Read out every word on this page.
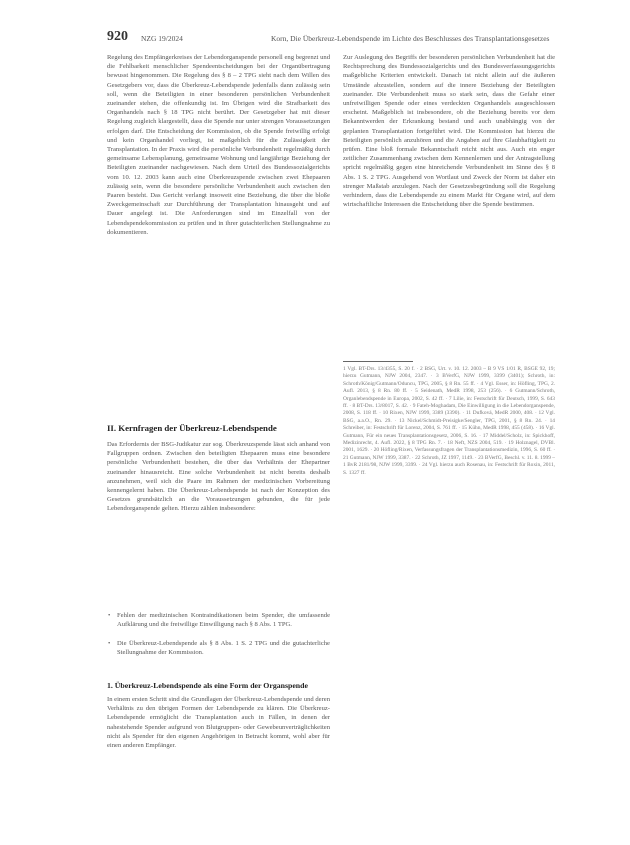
920 NZG 19/2024	Korn, Die Überkreuz-Lebendspende im Lichte des Beschlusses des Transplantationsgesetzes

Regelung des Empfängerkreises der Lebendorganspende personell eng begrenzt und die Fehlbarkeit menschlicher Spendeentscheidungen bei der Organübertragung bewusst hingenommen. Die Regelung des § 8 – 2 TPG sieht nach dem Willen des Gesetzgebers vor, dass die Überkreuz-Lebendspende jedenfalls dann zulässig sein soll, wenn die Beteiligten in einer besonderen persönlichen Verbundenheit zueinander stehen, die offenkundig ist. Im Übrigen wird die Strafbarkeit des Organhandels nach § 18 TPG nicht berührt. Der Gesetzgeber hat mit dieser Regelung zugleich klargestellt, dass die Spende nur unter strengen Voraussetzungen erfolgen darf. Die Entscheidung der Kommission, ob die Spende freiwillig erfolgt und kein Organhandel vorliegt, ist maßgeblich für die Zulässigkeit der Transplantation. In der Praxis wird die persönliche Verbundenheit regelmäßig durch gemeinsame Lebensplanung, gemeinsame Wohnung und langjährige Beziehung der Beteiligten zueinander nachgewiesen. Nach dem Urteil des Bundessozialgerichts vom 10. 12. 2003 kann auch eine Überkreuzspende zwischen zwei Ehepaaren zulässig sein, wenn die besondere persönliche Verbundenheit auch zwischen den Paaren besteht. Das Gericht verlangt insoweit eine Beziehung, die über die bloße Zweckgemeinschaft zur Durchführung der Transplantation hinausgeht und auf Dauer angelegt ist. Die Anforderungen sind im Einzelfall von der Lebendspendekommission zu prüfen und in ihrer gutachterlichen Stellungnahme zu dokumentieren.

II. Kernfragen der Überkreuz-Lebendspende

Das Erfordernis der BSG-Judikatur zur sog. Überkreuzspende lässt sich anhand von Fallgruppen ordnen. Zwischen den beteiligten Ehepaaren muss eine besondere persönliche Verbundenheit bestehen, die über das Verhältnis der Ehepartner zueinander hinausreicht. Eine solche Verbundenheit ist nicht bereits deshalb anzunehmen, weil sich die Paare im Rahmen der medizinischen Vorbereitung kennengelernt haben. Die Überkreuz-Lebendspende ist nach der Konzeption des Gesetzes grundsätzlich an die Voraussetzungen gebunden, die für jede Lebendorganspende gelten. Hierzu zählen insbesondere:

• Fehlen der medizinischen Kontraindikationen beim Spender, die umfassende Aufklärung und die freiwillige Einwilligung nach § 8 Abs. 1 TPG.
• Die Überkreuz-Lebendspende als § 8 Abs. 1 S. 2 TPG und die gutachterliche Stellungnahme der Kommission.
1. Überkreuz-Lebendspende als eine Form der Organspende

In einem ersten Schritt sind die Grundlagen der Überkreuz-Lebendspende und deren Verhältnis zu den übrigen Formen der Lebendspende zu klären. Die Überkreuz-Lebendspende ermöglicht die Transplantation auch in Fällen, in denen der nahestehende Spender aufgrund von Blutgruppen- oder Gewebeunverträglichkeiten nicht als Spender für den eigenen Angehörigen in Betracht kommt, wohl aber für einen anderen Empfänger.

Zur Auslegung des Begriffs der besonderen persönlichen Verbundenheit hat die Rechtsprechung des Bundessozialgerichts und des Bundesverfassungsgerichts maßgebliche Kriterien entwickelt. Danach ist nicht allein auf die äußeren Umstände abzustellen, sondern auf die innere Beziehung der Beteiligten zueinander. Die Verbundenheit muss so stark sein, dass die Gefahr einer unfreiwilligen Spende oder eines verdeckten Organhandels ausgeschlossen erscheint. Maßgeblich ist insbesondere, ob die Beziehung bereits vor dem Bekanntwerden der Erkrankung bestand und auch unabhängig von der geplanten Transplantation fortgeführt wird. Die Kommission hat hierzu die Beteiligten persönlich anzuhören und die Angaben auf ihre Glaubhaftigkeit zu prüfen. Eine bloß formale Bekanntschaft reicht nicht aus. Auch ein enger zeitlicher Zusammenhang zwischen dem Kennenlernen und der Antragstellung spricht regelmäßig gegen eine hinreichende Verbundenheit im Sinne des § 8 Abs. 1 S. 2 TPG. Ausgehend von Wortlaut und Zweck der Norm ist daher ein strenger Maßstab anzulegen. Nach der Gesetzesbegründung soll die Regelung verhindern, dass die Lebendspende zu einem Markt für Organe wird, auf dem wirtschaftliche Interessen die Entscheidung über die Spende bestimmen.

1 Vgl. BT-Drs. 13/4355, S. 20 f. · 2 BSG, Urt. v. 10. 12. 2003 – B 9 VS 1/01 R, BSGE 92, 19; hierzu Gutmann, NJW 2004, 2347. · 3 BVerfG, NJW 1999, 3399 (3401); Schroth, in: Schroth/König/Gutmann/Oduncu, TPG, 2005, § 8 Rn. 55 ff. · 4 Vgl. Esser, in: Höfling, TPG, 2. Aufl. 2013, § 8 Rn. 80 ff. · 5 Seidenath, MedR 1998, 253 (256). · 6 Gutmann/Schroth, Organlebendspende in Europa, 2002, S. 42 ff. · 7 Lilie, in: Festschrift für Deutsch, 1999, S. 643 ff. · 8 BT-Drs. 13/8017, S. 42. · 9 Fateh-Moghadam, Die Einwilligung in die Lebendorganspende, 2008, S. 118 ff. · 10 Rixen, NJW 1999, 3389 (3390). · 11 Dufková, MedR 2000, 408. · 12 Vgl. BSG, a.a.O., Rn. 29. · 13 Nickel/Schmidt-Preisigke/Sengler, TPG, 2001, § 8 Rn. 24. · 14 Schreiber, in: Festschrift für Lorenz, 2004, S. 761 ff. · 15 Kühn, MedR 1998, 455 (458). · 16 Vgl. Gutmann, Für ein neues Transplantationsgesetz, 2006, S. 16. · 17 Middel/Scholz, in: Spickhoff, Medizinrecht, 4. Aufl. 2022, § 8 TPG Rn. 7. · 18 Neft, NZS 2004, 519. · 19 Holznagel, DVBl. 2001, 1629. · 20 Höfling/Rixen, Verfassungsfragen der Transplantationsmedizin, 1996, S. 60 ff. · 21 Gutmann, NJW 1999, 3387. · 22 Schroth, JZ 1997, 1149. · 23 BVerfG, Beschl. v. 11. 8. 1999 – 1 BvR 2181/98, NJW 1999, 3399. · 24 Vgl. hierzu auch Rosenau, in: Festschrift für Roxin, 2011, S. 1327 ff.
